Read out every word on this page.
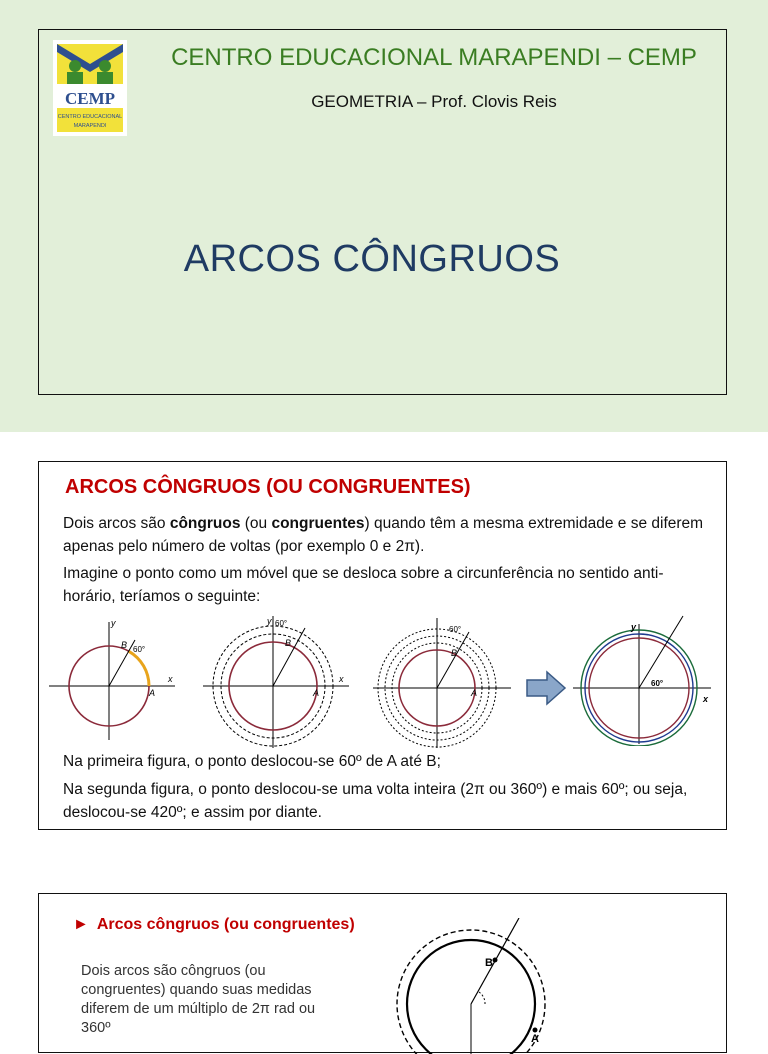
CEMP
CENTRO EDUCACIONAL
MARAPENDI
CENTRO EDUCACIONAL MARAPENDI – CEMP
GEOMETRIA – Prof. Clovis Reis
ARCOS CÔNGRUOS
ARCOS CÔNGRUOS (OU CONGRUENTES)
Dois arcos são côngruos (ou congruentes) quando têm a mesma extremidade e se diferem apenas pelo número de voltas (por exemplo 0 e 2π).
Imagine o ponto como um móvel que se desloca sobre a circunferência no sentido anti-horário, teríamos o seguinte:
x
y
A
B 60°
x
y
A
B
60°
A
B
60°
x
y
60°
Na primeira figura, o ponto deslocou-se 60º de A até B;
Na segunda figura, o ponto deslocou-se uma volta inteira (2π ou 360º) e mais 60º; ou seja, deslocou-se 420º; e assim por diante.
► Arcos côngruos (ou congruentes)
Dois arcos são côngruos (ou congruentes) quando suas medidas diferem de um múltiplo de 2π rad ou 360º
B
A
